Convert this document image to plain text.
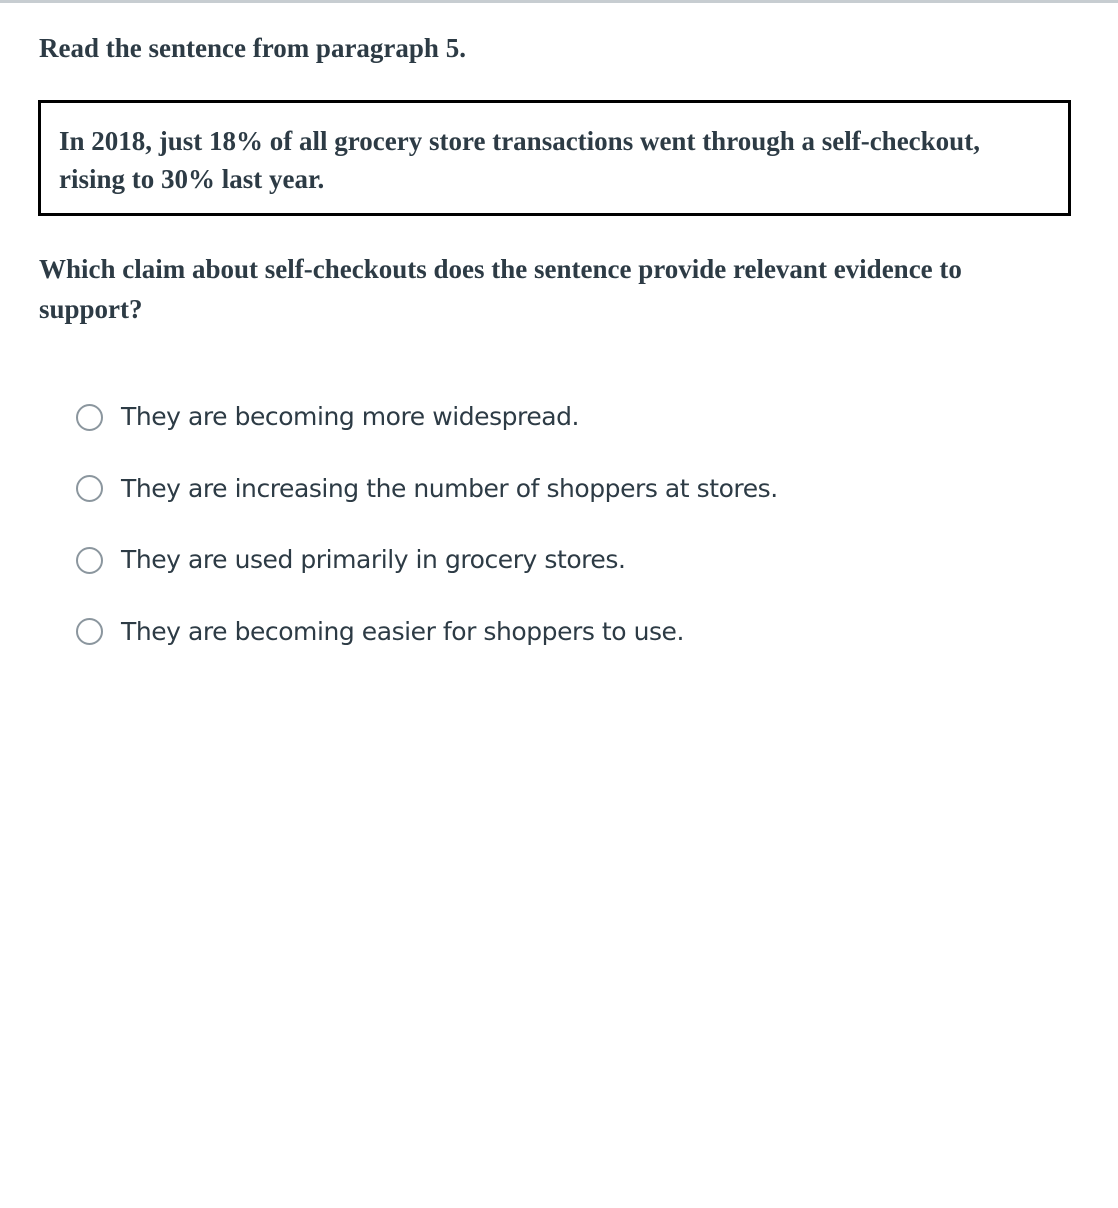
Read the sentence from paragraph 5.

In 2018, just 18% of all grocery store transactions went through a self-checkout, rising to 30% last year.

Which claim about self-checkouts does the sentence provide relevant evidence to support?

They are becoming more widespread.
They are increasing the number of shoppers at stores.
They are used primarily in grocery stores.
They are becoming easier for shoppers to use.
